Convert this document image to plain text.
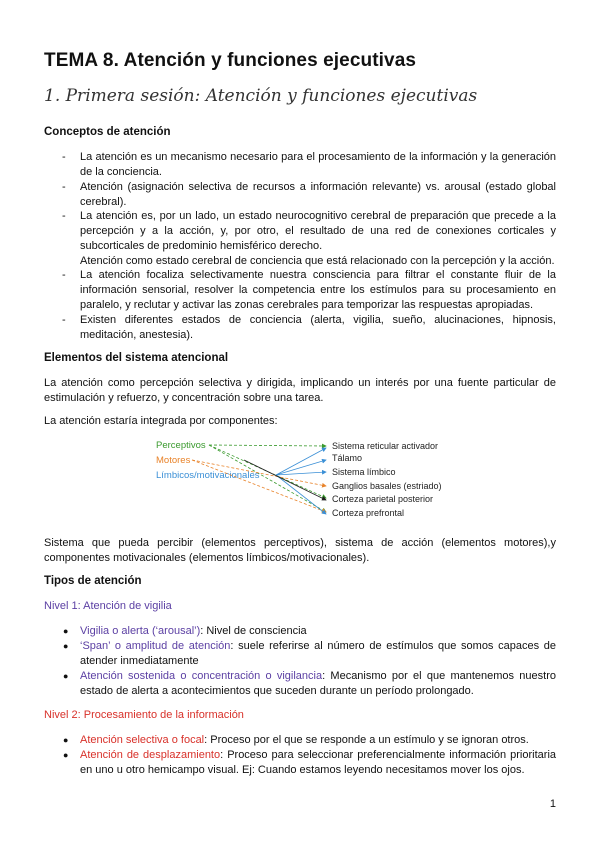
TEMA 8. Atención y funciones ejecutivas
1. Primera sesión: Atención y funciones ejecutivas
Conceptos de atención
- La atención es un mecanismo necesario para el procesamiento de la información y la generación de la conciencia.
- Atención (asignación selectiva de recursos a información relevante) vs. arousal (estado global cerebral).
- La atención es, por un lado, un estado neurocognitivo cerebral de preparación que precede a la percepción y a la acción, y, por otro, el resultado de una red de conexiones corticales y subcorticales de predominio hemisférico derecho.
Atención como estado cerebral de conciencia que está relacionado con la percepción y la acción.
- La atención focaliza selectivamente nuestra consciencia para filtrar el constante fluir de la información sensorial, resolver la competencia entre los estímulos para su procesamiento en paralelo, y reclutar y activar las zonas cerebrales para temporizar las respuestas apropiadas.
- Existen diferentes estados de conciencia (alerta, vigilia, sueño, alucinaciones, hipnosis, meditación, anestesia).
Elementos del sistema atencional
La atención como percepción selectiva y dirigida, implicando un interés por una fuente particular de estimulación y refuerzo, y concentración sobre una tarea.
La atención estaría integrada por componentes:
Perceptivos
Motores
Límbicos/motivacionales
Sistema reticular activador
Tálamo
Sistema límbico
Ganglios basales (estriado)
Corteza parietal posterior
Corteza prefrontal
Sistema que pueda percibir (elementos perceptivos), sistema de acción (elementos motores),y componentes motivacionales (elementos límbicos/motivacionales).
Tipos de atención
Nivel 1: Atención de vigilia
● Vigilia o alerta (‘arousal’): Nivel de consciencia
● ‘Span’ o amplitud de atención: suele referirse al número de estímulos que somos capaces de atender inmediatamente
● Atención sostenida o concentración o vigilancia: Mecanismo por el que mantenemos nuestro estado de alerta a acontecimientos que suceden durante un período prolongado.
Nivel 2: Procesamiento de la información
● Atención selectiva o focal: Proceso por el que se responde a un estímulo y se ignoran otros.
● Atención de desplazamiento: Proceso para seleccionar preferencialmente información prioritaria en uno u otro hemicampo visual. Ej: Cuando estamos leyendo necesitamos mover los ojos.
1
